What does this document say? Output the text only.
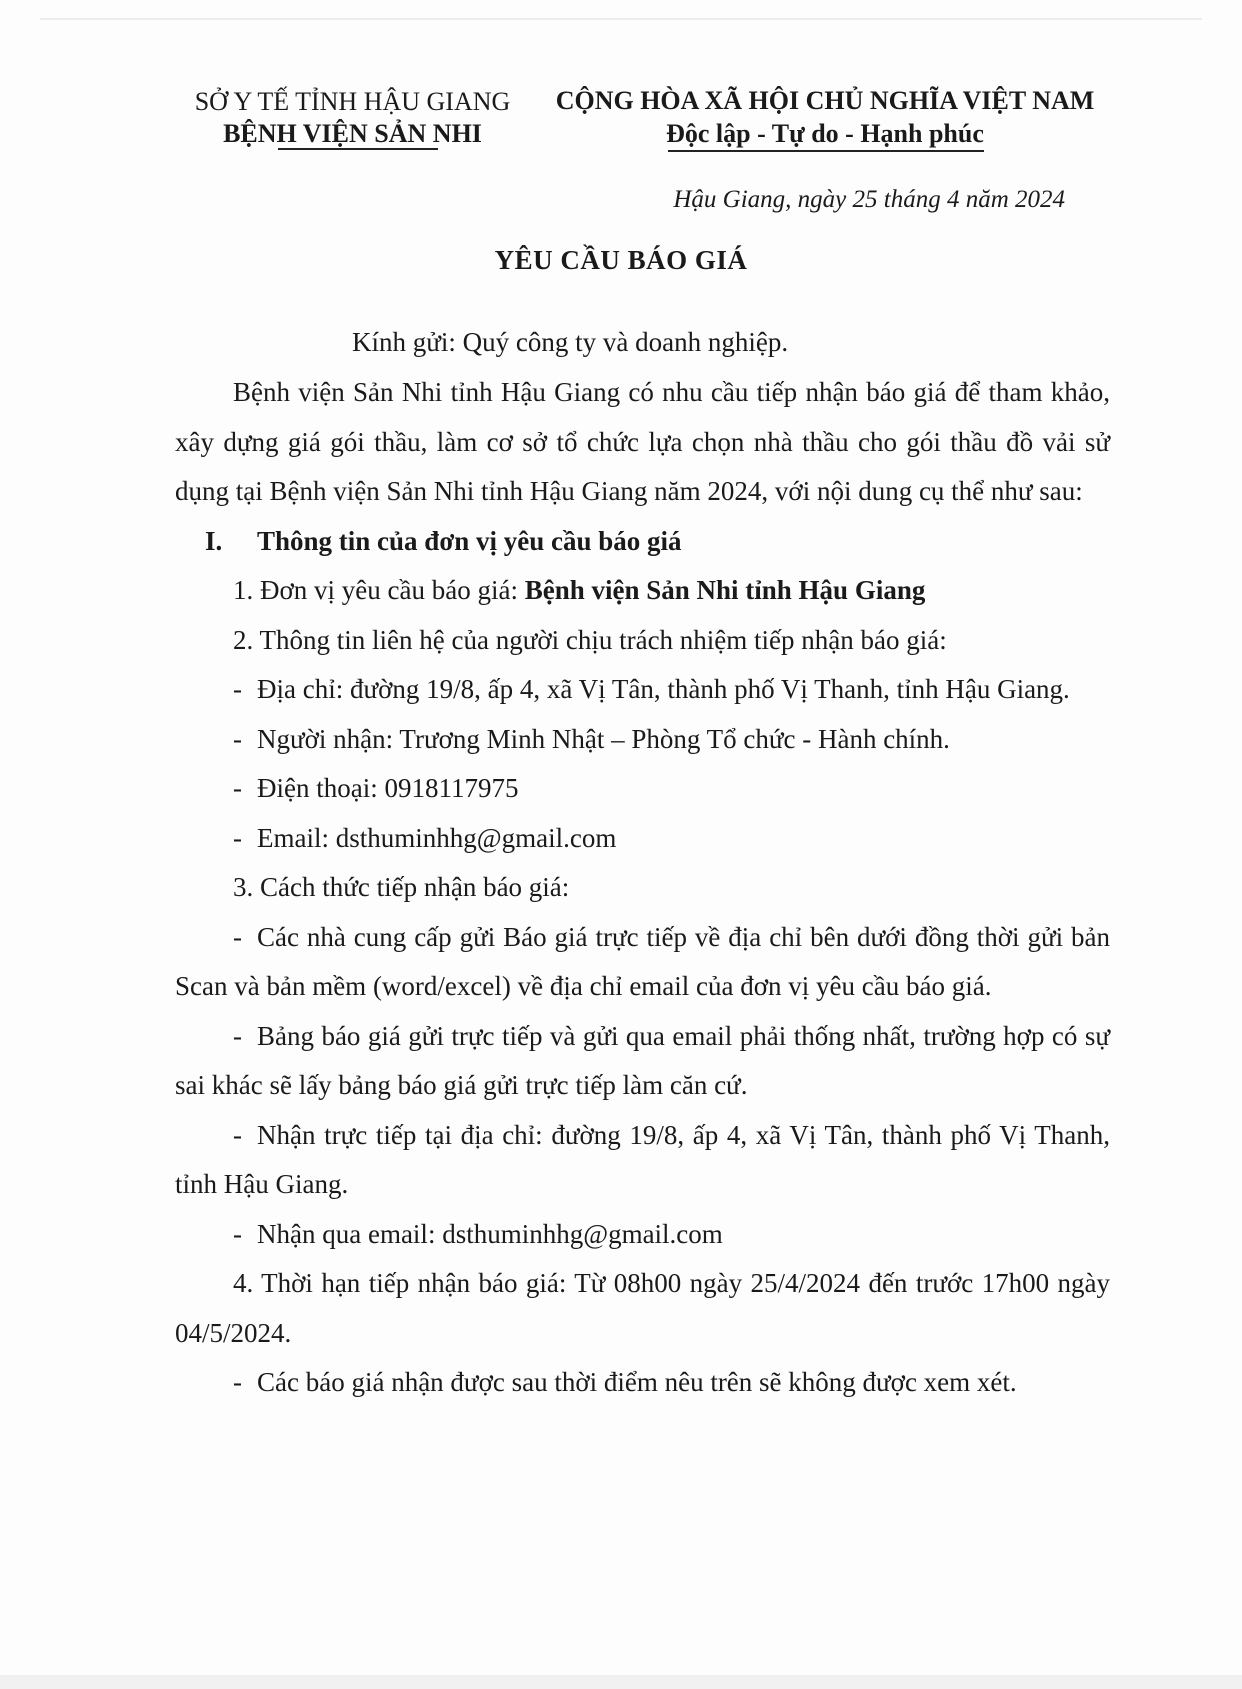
SỞ Y TẾ TỈNH HẬU GIANG
BỆNH VIỆN SẢN NHI
CỘNG HÒA XÃ HỘI CHỦ NGHĨA VIỆT NAM
Độc lập - Tự do - Hạnh phúc
Hậu Giang, ngày 25 tháng 4 năm 2024
YÊU CẦU BÁO GIÁ
Kính gửi: Quý công ty và doanh nghiệp.

Bệnh viện Sản Nhi tỉnh Hậu Giang có nhu cầu tiếp nhận báo giá để tham khảo, xây dựng giá gói thầu, làm cơ sở tổ chức lựa chọn nhà thầu cho gói thầu đồ vải sử dụng tại Bệnh viện Sản Nhi tỉnh Hậu Giang năm 2024, với nội dung cụ thể như sau:

I. Thông tin của đơn vị yêu cầu báo giá

1. Đơn vị yêu cầu báo giá: Bệnh viện Sản Nhi tỉnh Hậu Giang

2. Thông tin liên hệ của người chịu trách nhiệm tiếp nhận báo giá:

- Địa chỉ: đường 19/8, ấp 4, xã Vị Tân, thành phố Vị Thanh, tỉnh Hậu Giang.

- Người nhận: Trương Minh Nhật – Phòng Tổ chức - Hành chính.

- Điện thoại: 0918117975

- Email: dsthuminhhg@gmail.com

3. Cách thức tiếp nhận báo giá:

- Các nhà cung cấp gửi Báo giá trực tiếp về địa chỉ bên dưới đồng thời gửi bản Scan và bản mềm (word/excel) về địa chỉ email của đơn vị yêu cầu báo giá.

- Bảng báo giá gửi trực tiếp và gửi qua email phải thống nhất, trường hợp có sự sai khác sẽ lấy bảng báo giá gửi trực tiếp làm căn cứ.

- Nhận trực tiếp tại địa chỉ: đường 19/8, ấp 4, xã Vị Tân, thành phố Vị Thanh, tỉnh Hậu Giang.

- Nhận qua email: dsthuminhhg@gmail.com

4. Thời hạn tiếp nhận báo giá: Từ 08h00 ngày 25/4/2024 đến trước 17h00 ngày 04/5/2024.

- Các báo giá nhận được sau thời điểm nêu trên sẽ không được xem xét.
